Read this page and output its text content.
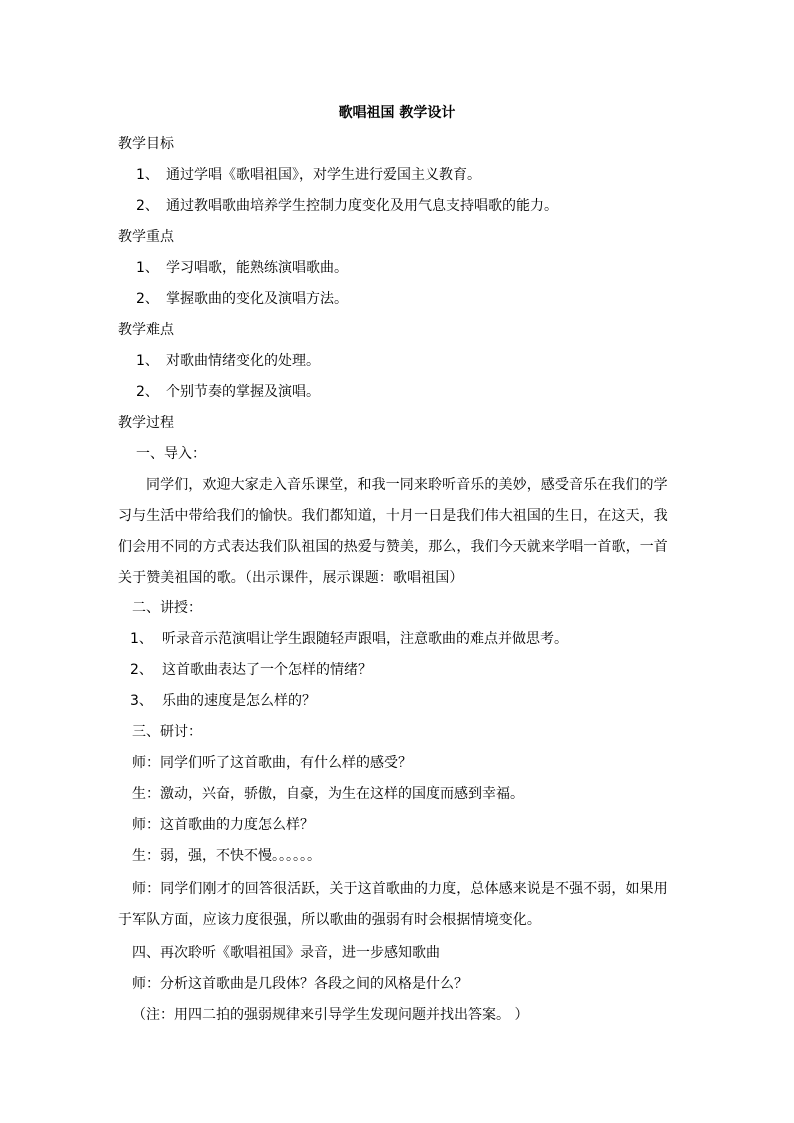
歌唱祖国 教学设计
教学目标
1、 通过学唱《歌唱祖国》，对学生进行爱国主义教育。
2、 通过教唱歌曲培养学生控制力度变化及用气息支持唱歌的能力。
教学重点
1、 学习唱歌，能熟练演唱歌曲。
2、 掌握歌曲的变化及演唱方法。
教学难点
1、 对歌曲情绪变化的处理。
2、 个别节奏的掌握及演唱。
教学过程
一、导入：
同学们，欢迎大家走入音乐课堂，和我一同来聆听音乐的美妙，感受音乐在我们的学习与生活中带给我们的愉快。我们都知道，十月一日是我们伟大祖国的生日，在这天，我们会用不同的方式表达我们队祖国的热爱与赞美，那么，我们今天就来学唱一首歌，一首关于赞美祖国的歌。（出示课件，展示课题：歌唱祖国）
二、讲授：
1、 听录音示范演唱让学生跟随轻声跟唱，注意歌曲的难点并做思考。
2、 这首歌曲表达了一个怎样的情绪？
3、 乐曲的速度是怎么样的？
三、研讨：
师：同学们听了这首歌曲，有什么样的感受？
生：激动，兴奋，骄傲，自豪，为生在这样的国度而感到幸福。
师：这首歌曲的力度怎么样？
生：弱，强，不快不慢。。。。。。
师：同学们刚才的回答很活跃，关于这首歌曲的力度，总体感来说是不强不弱，如果用于军队方面，应该力度很强，所以歌曲的强弱有时会根据情境变化。
四、再次聆听《歌唱祖国》录音，进一步感知歌曲
师：分析这首歌曲是几段体？各段之间的风格是什么？
（注：用四二拍的强弱规律来引导学生发现问题并找出答案。 ）
